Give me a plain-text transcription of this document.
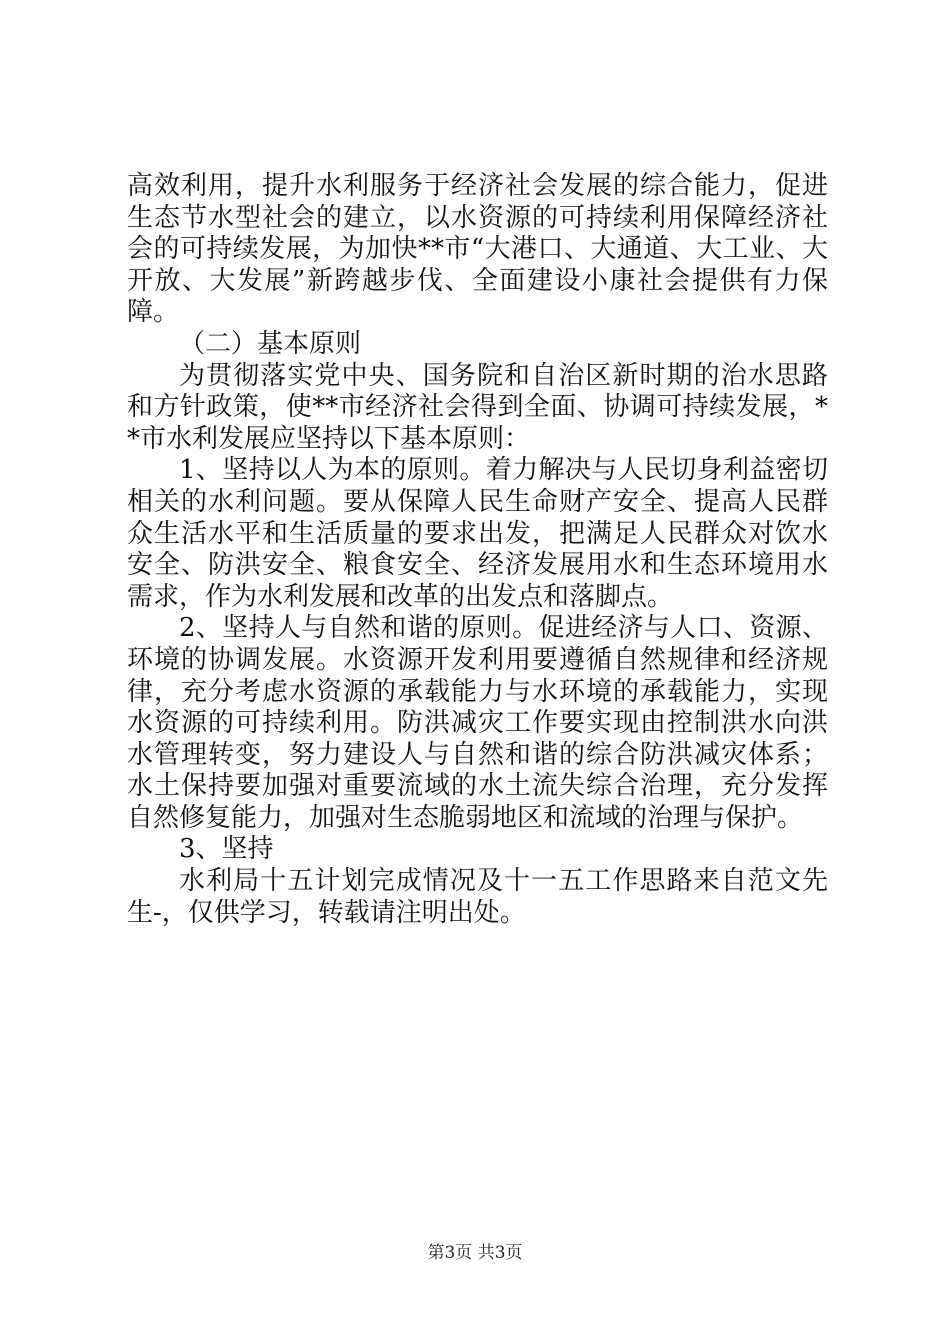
高效利用，提升水利服务于经济社会发展的综合能力，促进生态节水型社会的建立，以水资源的可持续利用保障经济社会的可持续发展，为加快**市“大港口、大通道、大工业、大开放、大发展”新跨越步伐、全面建设小康社会提供有力保障。

（二）基本原则

为贯彻落实党中央、国务院和自治区新时期的治水思路和方针政策，使**市经济社会得到全面、协调可持续发展，**市水利发展应坚持以下基本原则：

1、坚持以人为本的原则。着力解决与人民切身利益密切相关的水利问题。要从保障人民生命财产安全、提高人民群众生活水平和生活质量的要求出发，把满足人民群众对饮水安全、防洪安全、粮食安全、经济发展用水和生态环境用水需求，作为水利发展和改革的出发点和落脚点。

2、坚持人与自然和谐的原则。促进经济与人口、资源、环境的协调发展。水资源开发利用要遵循自然规律和经济规律，充分考虑水资源的承载能力与水环境的承载能力，实现水资源的可持续利用。防洪减灾工作要实现由控制洪水向洪水管理转变，努力建设人与自然和谐的综合防洪减灾体系；水土保持要加强对重要流域的水土流失综合治理，充分发挥自然修复能力，加强对生态脆弱地区和流域的治理与保护。

3、坚持

水利局十五计划完成情况及十一五工作思路来自范文先生-，仅供学习，转载请注明出处。

第3页 共3页
